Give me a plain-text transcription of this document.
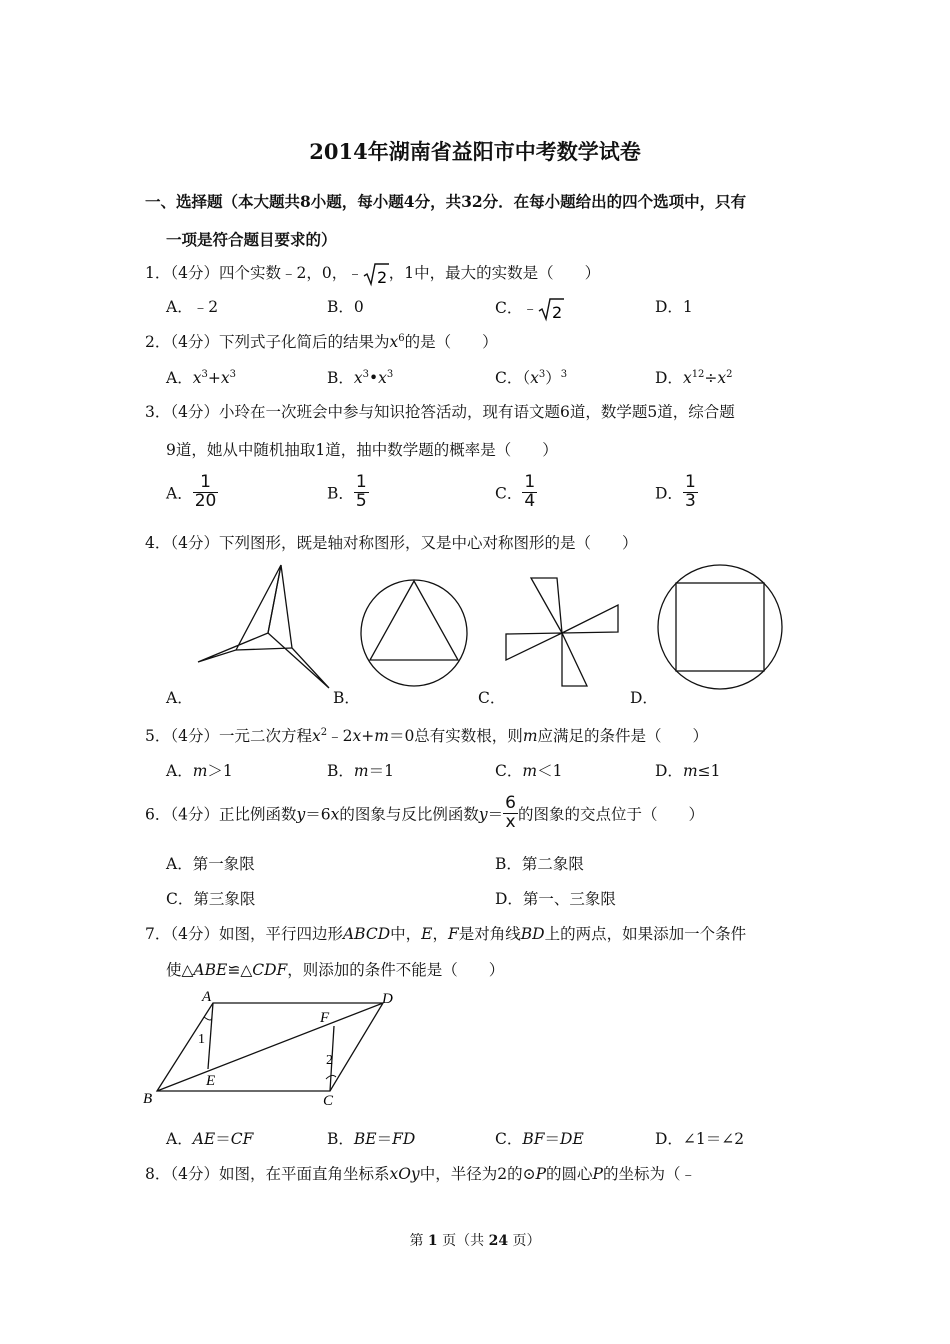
2014年湖南省益阳市中考数学试卷
一、选择题（本大题共8小题，每小题4分，共32分．在每小题给出的四个选项中，只有
一项是符合题目要求的）
1．（4分）四个实数﹣2，0，﹣ 2 ，1中，最大的实数是（　　）
A．﹣2	B．0	C．﹣ 2	D．1
2．（4分）下列式子化简后的结果为$x^6$的是（　　）
A．$x^3+x^3$	B．$x^3•x^3$	C．$(x^3)^3$	D．$x^{12}\div x^2$
3．（4分）小玲在一次班会中参与知识抢答活动，现有语文题6道，数学题5道，综合题
9道，她从中随机抽取1道，抽中数学题的概率是（　　）
A． $\frac{1}{20}$	B． $\frac{1}{5}$	C． $\frac{1}{4}$	D． $\frac{1}{3}$
4．（4分）下列图形，既是轴对称图形，又是中心对称图形的是（　　）
A．	B．	C．	D．
5．（4分）一元二次方程$x^2﹣2x+m=0$总有实数根，则m应满足的条件是（　　）
A．m＞1	B．m＝1	C．m＜1	D．m≤1
6．（4分）正比例函数y＝6x的图象与反比例函数$y= \frac{6}{x}$ 的图象的交点位于（　　）
A．第一象限	B．第二象限
C．第三象限	D．第一、三象限
7．（4分）如图，平行四边形ABCD中，E，F是对角线BD上的两点，如果添加一个条件
使△ABE≌△CDF，则添加的条件不能是（　　）
A	D
B	C
E
F
1
2
A．AE＝CF	B．BE＝FD	C．BF＝DE	D．∠1＝∠2
8．（4分）如图，在平面直角坐标系xOy中，半径为2的⊙P的圆心P的坐标为（﹣
第 1 页（共 24 页）
